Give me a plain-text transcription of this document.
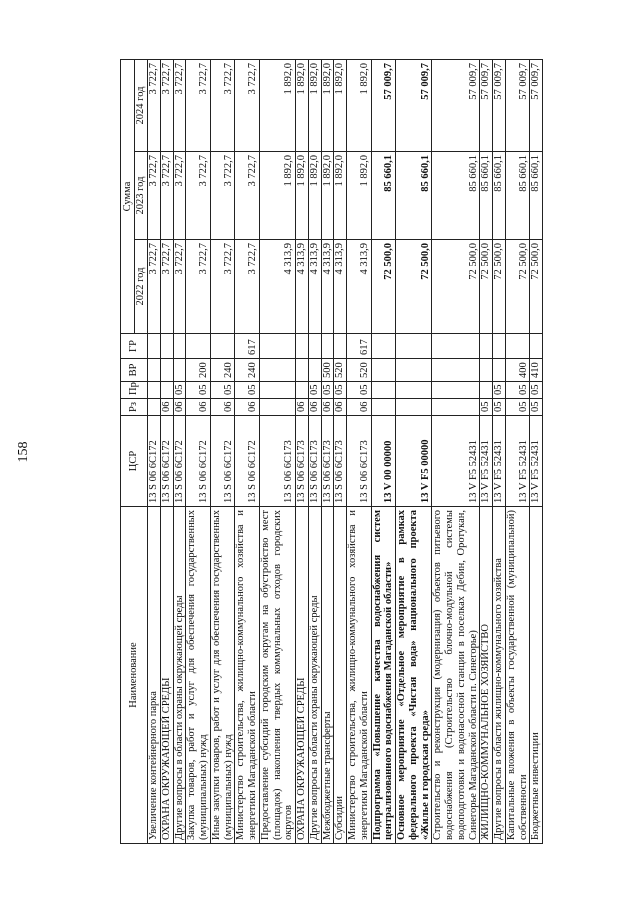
158
Наименование	ЦСР	Рз	Пр	ВР	ГР	Сумма		
						2022 год	2023 год	2024 год
Увеличение контейнерного парка	13 S 06 6С172					3 722,7	3 722,7	3 722,7
ОХРАНА ОКРУЖАЮЩЕЙ СРЕДЫ	13 S 06 6С172	06				3 722,7	3 722,7	3 722,7
Другие вопросы в области охраны окружающей среды	13 S 06 6С172	06	05			3 722,7	3 722,7	3 722,7
Закупка товаров, работ и услуг для обеспечения государственных (муниципальных) нужд	13 S 06 6С172	06	05	200		3 722,7	3 722,7	3 722,7
Иные закупки товаров, работ и услуг для обеспечения государственных (муниципальных) нужд	13 S 06 6С172	06	05	240		3 722,7	3 722,7	3 722,7
Министерство строительства, жилищно-коммунального хозяйства и энергетики Магаданской области	13 S 06 6С172	06	05	240	617	3 722,7	3 722,7	3 722,7
Предоставление субсидий городским округам на обустройство мест (площадок) накопления твердых коммунальных отходов городских округов	13 S 06 6С173					4 313,9	1 892,0	1 892,0
ОХРАНА ОКРУЖАЮЩЕЙ СРЕДЫ	13 S 06 6С173	06				4 313,9	1 892,0	1 892,0
Другие вопросы в области охраны окружающей среды	13 S 06 6С173	06	05			4 313,9	1 892,0	1 892,0
Межбюджетные трансферты	13 S 06 6С173	06	05	500		4 313,9	1 892,0	1 892,0
Субсидии	13 S 06 6С173	06	05	520		4 313,9	1 892,0	1 892,0
Министерство строительства, жилищно-коммунального хозяйства и энергетики Магаданской области	13 S 06 6С173	06	05	520	617	4 313,9	1 892,0	1 892,0
Подпрограмма «Повышение качества водоснабжения систем централизованного водоснабжения Магаданской области»	13 V 00 00000					72 500,0	85 660,1	57 009,7
Основное мероприятие «Отдельное мероприятие в рамках федерального проекта «Чистая вода» национального проекта «Жилье и городская среда»	13 V F5 00000					72 500,0	85 660,1	57 009,7
Строительство и реконструкция (модернизация) объектов питьевого водоснабжения (Строительство блочно-модульной системы водоподготовки и водонасосной станции в поселках Дебин, Оротукан, Синегорье Магаданской области п. Синегорье)	13 V F5 52431					72 500,0	85 660,1	57 009,7
ЖИЛИЩНО-КОММУНАЛЬНОЕ ХОЗЯЙСТВО	13 V F5 52431	05				72 500,0	85 660,1	57 009,7
Другие вопросы в области жилищно-коммунального хозяйства	13 V F5 52431	05	05			72 500,0	85 660,1	57 009,7
Капитальные вложения в объекты государственной (муниципальной) собственности	13 V F5 52431	05	05	400		72 500,0	85 660,1	57 009,7
Бюджетные инвестиции	13 V F5 52431	05	05	410		72 500,0	85 660,1	57 009,7
